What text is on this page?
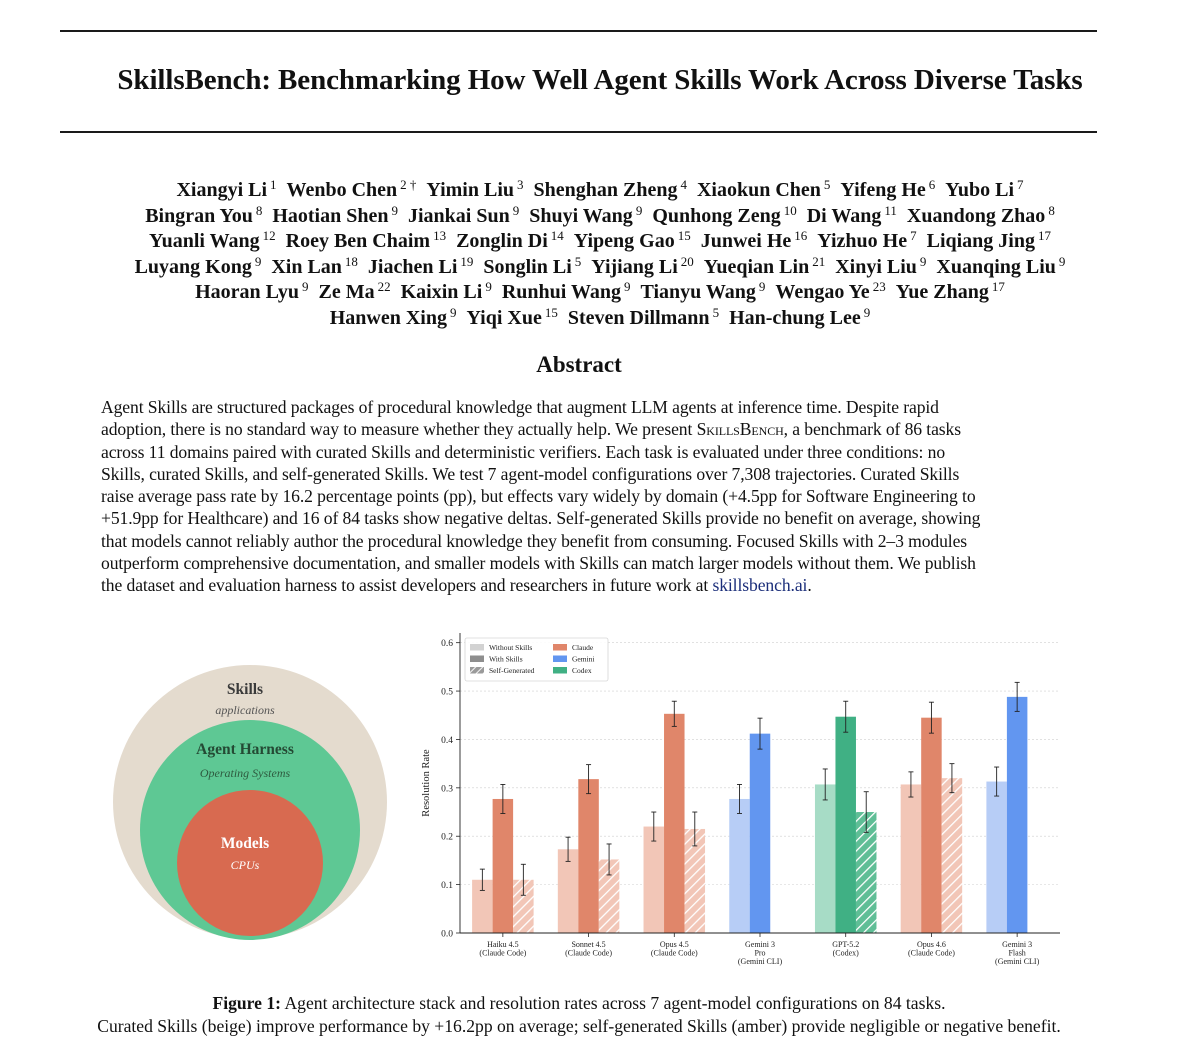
SkillsBench: Benchmarking How Well Agent Skills Work Across Diverse Tasks
Xiangyi Li $^1$ Wenbo Chen $^{2 \dagger}$ Yimin Liu $^3$ Shenghan Zheng $^4$ Xiaokun Chen $^5$ Yifeng He $^6$ Yubo Li $^7$
Bingran You $^8$ Haotian Shen $^9$ Jiankai Sun $^9$ Shuyi Wang $^9$ Qunhong Zeng $^{10}$ Di Wang $^{11}$ Xuandong Zhao $^8$
Yuanli Wang $^{12}$ Roey Ben Chaim $^{13}$ Zonglin Di $^{14}$ Yipeng Gao $^{15}$ Junwei He $^{16}$ Yizhuo He $^7$ Liqiang Jing $^{17}$
Luyang Kong $^9$ Xin Lan $^{18}$ Jiachen Li $^{19}$ Songlin Li $^5$ Yijiang Li $^{20}$ Yueqian Lin $^{21}$ Xinyi Liu $^9$ Xuanqing Liu $^9$
Haoran Lyu $^9$ Ze Ma $^{22}$ Kaixin Li $^9$ Runhui Wang $^9$ Tianyu Wang $^9$ Wengao Ye $^{23}$ Yue Zhang $^{17}$
Hanwen Xing $^9$ Yiqi Xue $^{15}$ Steven Dillmann $^5$ Han-chung Lee $^9$
Abstract
Agent Skills are structured packages of procedural knowledge that augment LLM agents at inference time. Despite rapid
adoption, there is no standard way to measure whether they actually help. We present SkillsBench, a benchmark of 86 tasks
across 11 domains paired with curated Skills and deterministic verifiers. Each task is evaluated under three conditions: no
Skills, curated Skills, and self-generated Skills. We test 7 agent-model configurations over 7,308 trajectories. Curated Skills
raise average pass rate by 16.2 percentage points (pp), but effects vary widely by domain (+4.5pp for Software Engineering to
+51.9pp for Healthcare) and 16 of 84 tasks show negative deltas. Self-generated Skills provide no benefit on average, showing
that models cannot reliably author the procedural knowledge they benefit from consuming. Focused Skills with 2–3 modules
outperform comprehensive documentation, and smaller models with Skills can match larger models without them. We publish
the dataset and evaluation harness to assist developers and researchers in future work at skillsbench.ai.
Skills
applications
Agent Harness
Operating Systems
Models
CPUs
0.0
0.1
0.2
0.3
0.4
0.5
0.6
Resolution Rate
Haiku 4.5
(Claude Code)
Sonnet 4.5
(Claude Code)
Opus 4.5
(Claude Code)
Gemini 3
Pro
(Gemini CLI)
GPT-5.2
(Codex)
Opus 4.6
(Claude Code)
Gemini 3
Flash
(Gemini CLI)
Without Skills
With Skills
Self-Generated
Claude
Gemini
Codex
Figure 1: Agent architecture stack and resolution rates across 7 agent-model configurations on 84 tasks.
Curated Skills (beige) improve performance by +16.2pp on average; self-generated Skills (amber) provide negligible or negative benefit.
